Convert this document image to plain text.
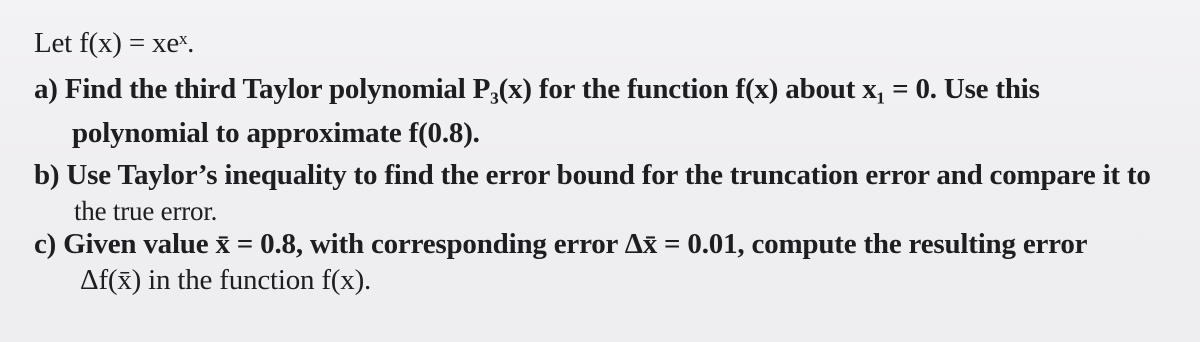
Let f(x) = xeˣ.
a) Find the third Taylor polynomial P₃(x) for the function f(x) about x₁ = 0. Use this
polynomial to approximate f(0.8).
b) Use Taylor’s inequality to find the error bound for the truncation error and compare it to
the true error.
c) Given value x̄ = 0.8, with corresponding error Δx̄ = 0.01, compute the resulting error
Δf(x̄) in the function f(x).
